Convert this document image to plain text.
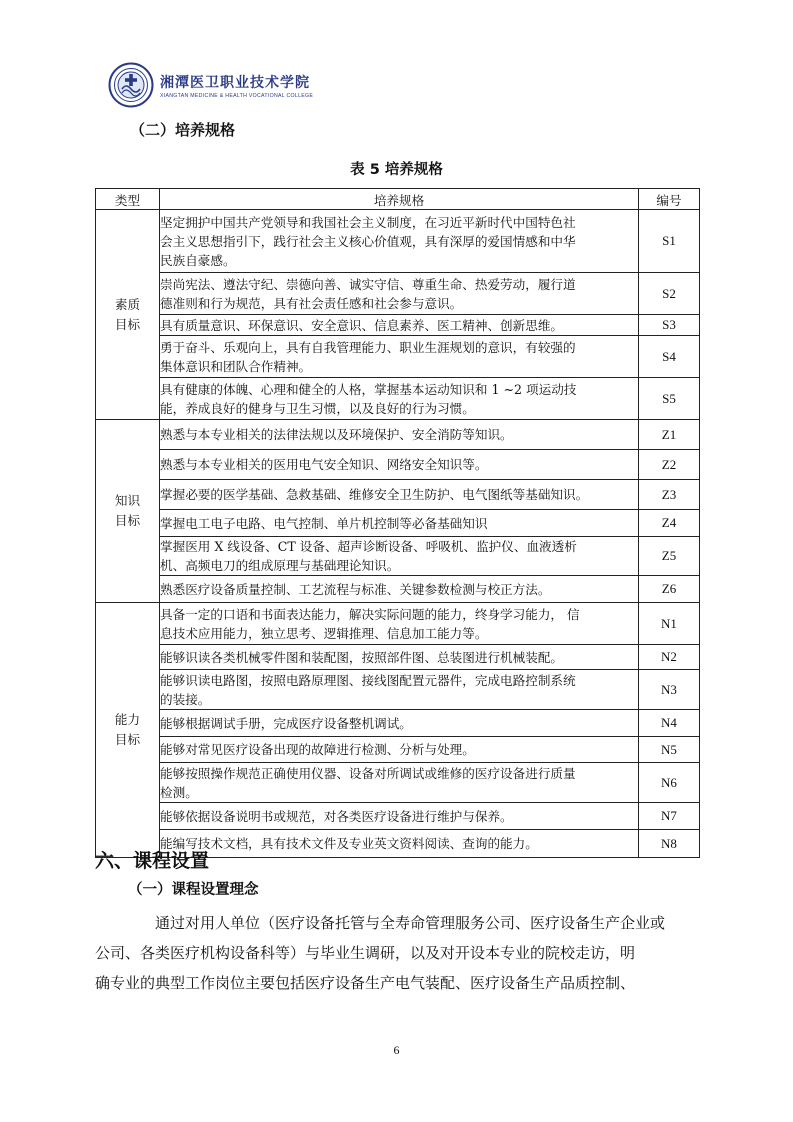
湘潭医卫职业技术学院
XIANGTAN MEDICINE & HEALTH VOCATIONAL COLLEGE
（二）培养规格
表 5 培养规格
类型	培养规格	编号

素质
目标	坚定拥护中国共产党领导和我国社会主义制度，在习近平新时代中国特色社
会主义思想指引下，践行社会主义核心价值观，具有深厚的爱国情感和中华
民族自豪感。	S1
	崇尚宪法、遵法守纪、崇德向善、诚实守信、尊重生命、热爱劳动，履行道
德准则和行为规范，具有社会责任感和社会参与意识。	S2
	具有质量意识、环保意识、安全意识、信息素养、医工精神、创新思维。	S3
	勇于奋斗、乐观向上，具有自我管理能力、职业生涯规划的意识，有较强的
集体意识和团队合作精神。	S4
	具有健康的体魄、心理和健全的人格，掌握基本运动知识和 1 ~2 项运动技
能，养成良好的健身与卫生习惯，以及良好的行为习惯。	S5

知识
目标	熟悉与本专业相关的法律法规以及环境保护、安全消防等知识。	Z1
	熟悉与本专业相关的医用电气安全知识、网络安全知识等。	Z2
	掌握必要的医学基础、急救基础、维修安全卫生防护、电气图纸等基础知识。	Z3
	掌握电工电子电路、电气控制、单片机控制等必备基础知识	Z4
	掌握医用 X 线设备、CT 设备、超声诊断设备、呼吸机、监护仪、血液透析
机、高频电刀的组成原理与基础理论知识。	Z5
	熟悉医疗设备质量控制、工艺流程与标准、关键参数检测与校正方法。	Z6

能力
目标	具备一定的口语和书面表达能力，解决实际问题的能力，终身学习能力， 信
息技术应用能力，独立思考、逻辑推理、信息加工能力等。	N1
	能够识读各类机械零件图和装配图，按照部件图、总装图进行机械装配。	N2
	能够识读电路图，按照电路原理图、接线图配置元器件，完成电路控制系统
的装接。	N3
	能够根据调试手册，完成医疗设备整机调试。	N4
	能够对常见医疗设备出现的故障进行检测、分析与处理。	N5
	能够按照操作规范正确使用仪器、设备对所调试或维修的医疗设备进行质量
检测。	N6
	能够依据设备说明书或规范，对各类医疗设备进行维护与保养。	N7
	能编写技术文档，具有技术文件及专业英文资料阅读、查询的能力。	N8
六、课程设置
（一）课程设置理念
通过对用人单位（医疗设备托管与全寿命管理服务公司、医疗设备生产企业或
公司、各类医疗机构设备科等）与毕业生调研，以及对开设本专业的院校走访，明
确专业的典型工作岗位主要包括医疗设备生产电气装配、医疗设备生产品质控制、
6
